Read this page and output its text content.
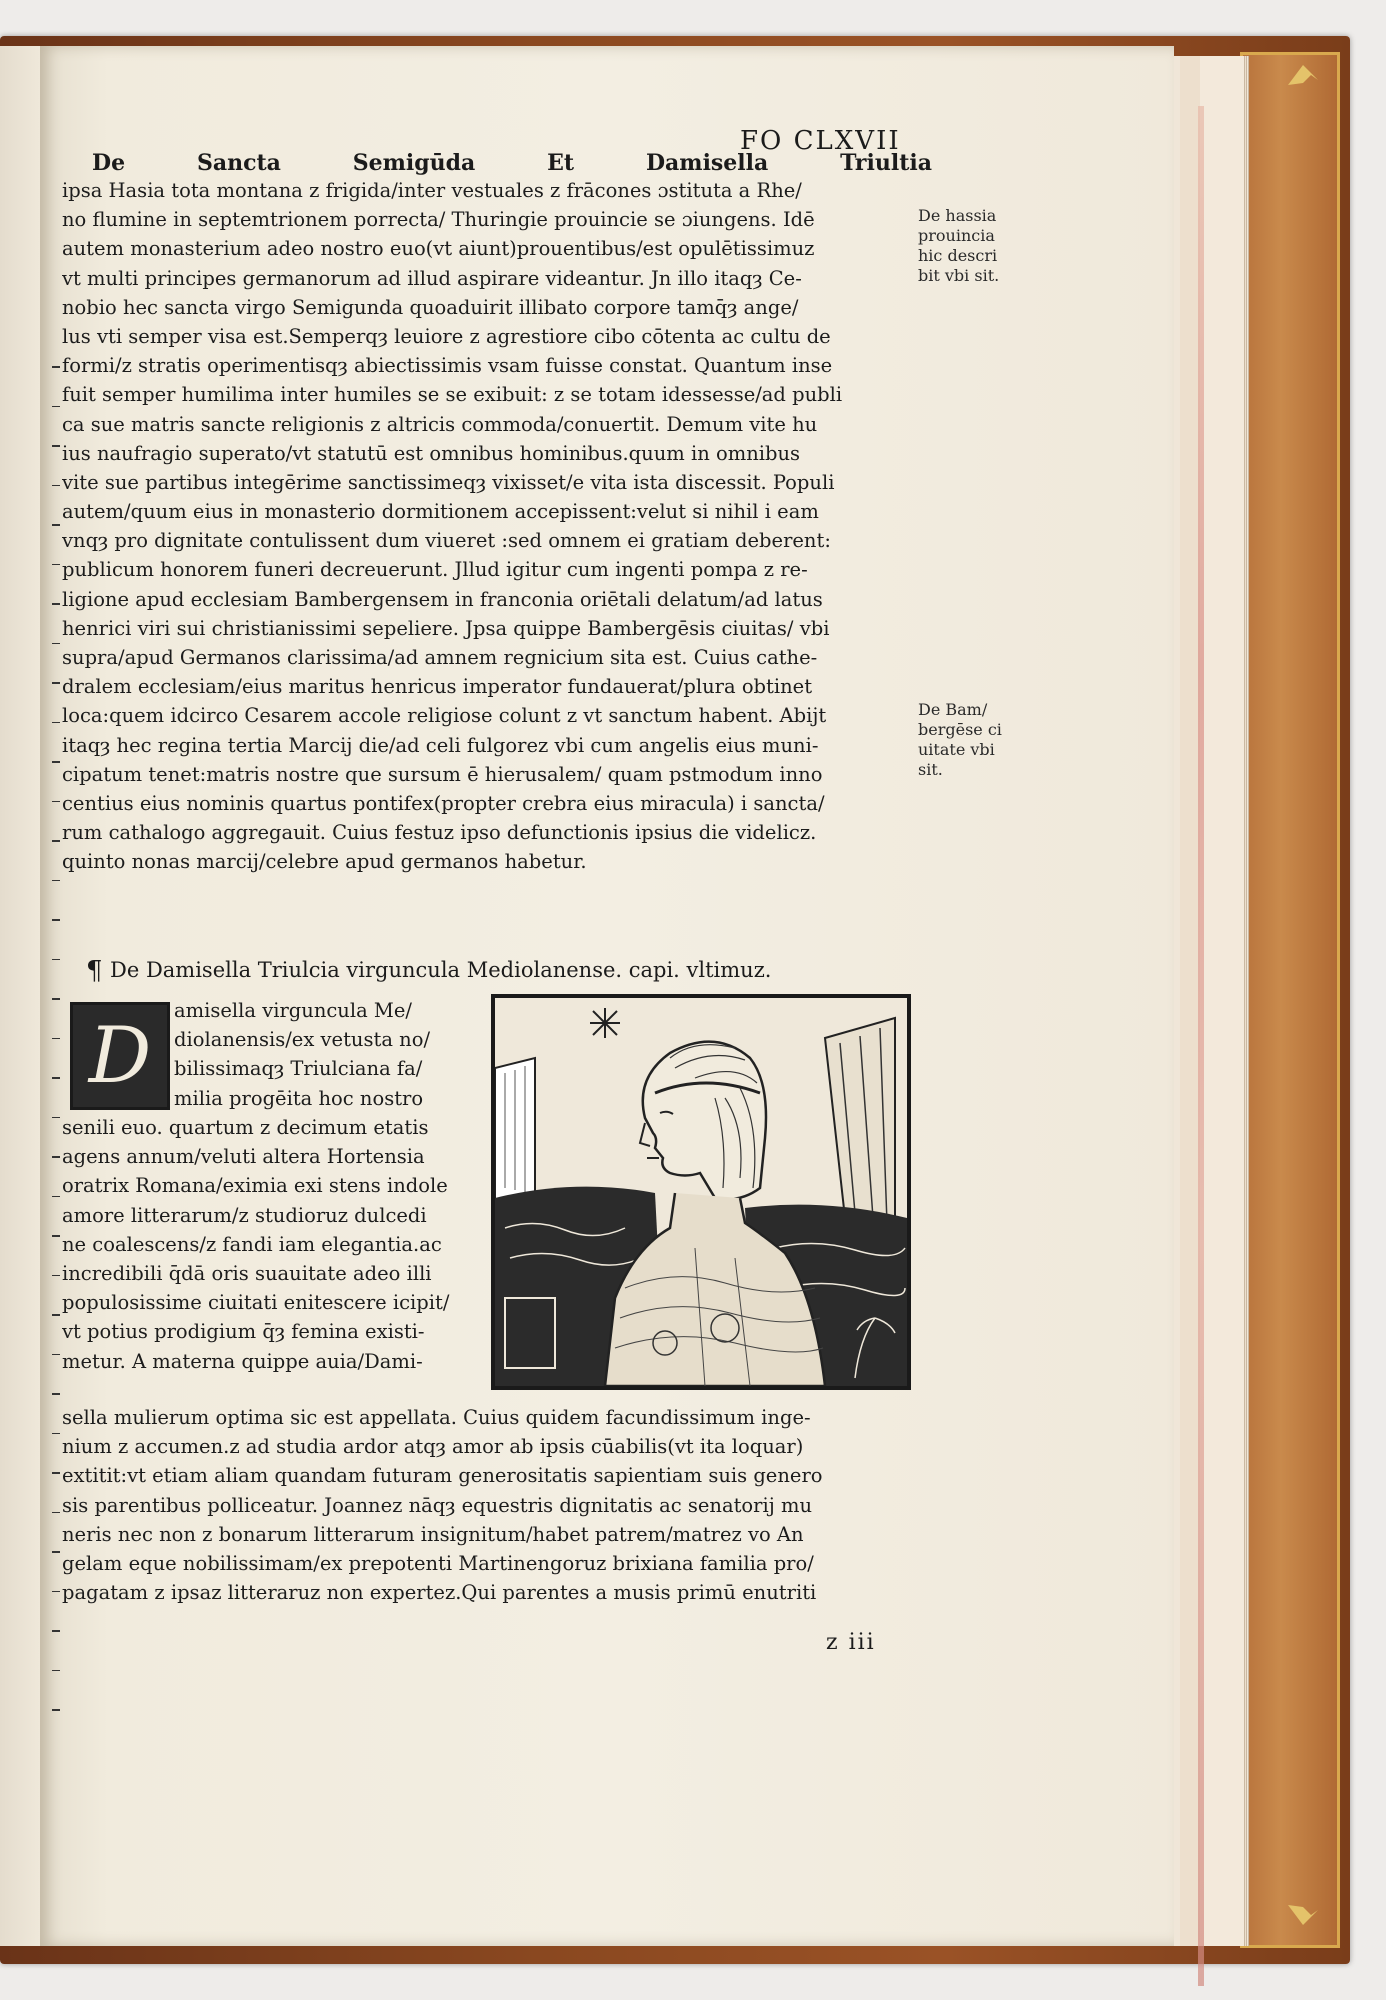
FO CLXVII
De	Sancta	Semigūda	Et	Damisella	Triultia
ipsa Hasia tota montana z frigida/inter vestuales z frācones ɔstituta a Rhe/
no flumine in septemtrionem porrecta/ Thuringie prouincie se ɔiungens. Idē
autem monasterium adeo nostro euo(vt aiunt)prouentibus/est opulētissimuz
vt multi principes germanorum ad illud aspirare videantur. Jn illo itaqȝ Ce-
nobio hec sancta virgo Semigunda quoaduirit illibato corpore tamq̄ȝ ange/
lus vti semper visa est.Semperqȝ leuiore z agrestiore cibo cōtenta ac cultu de
formi/z stratis operimentisqȝ abiectissimis vsam fuisse constat. Quantum inse
fuit semper humilima inter humiles se se exibuit: z se totam idessesse/ad publi
ca sue matris sancte religionis z altricis commoda/conuertit. Demum vite hu
ius naufragio superato/vt statutū est omnibus hominibus.quum in omnibus
vite sue partibus integērime sanctissimeqȝ vixisset/e vita ista discessit. Populi
autem/quum eius in monasterio dormitionem accepissent:velut si nihil i eam
vnqȝ pro dignitate contulissent dum viueret :sed omnem ei gratiam deberent:
publicum honorem funeri decreuerunt. Jllud igitur cum ingenti pompa z re-
ligione apud ecclesiam Bambergensem in franconia oriētali delatum/ad latus
henrici viri sui christianissimi sepeliere. Jpsa quippe Bambergēsis ciuitas/ vbi
supra/apud Germanos clarissima/ad amnem regnicium sita est. Cuius cathe-
dralem ecclesiam/eius maritus henricus imperator fundauerat/plura obtinet
loca:quem idcirco Cesarem accole religiose colunt z vt sanctum habent. Abijt
itaqȝ hec regina tertia Marcij die/ad celi fulgorez vbi cum angelis eius muni-
cipatum tenet:matris nostre que sursum ē hierusalem/ quam pstmodum inno
centius eius nominis quartus pontifex(propter crebra eius miracula) i sancta/
rum cathalogo aggregauit. Cuius festuz ipso defunctionis ipsius die videlicz.
quinto nonas marcij/celebre apud germanos habetur.
De hassia
prouincia
hic descri
bit vbi sit.
De Bam/
bergēse ci
uitate vbi
sit.
¶ De Damisella Triulcia virguncula Mediolanense. capi. vltimuz.
D
amisella virguncula Me/
diolanensis/ex vetusta no/
bilissimaqȝ Triulciana fa/
milia progēita hoc nostro
senili euo. quartum z decimum etatis
agens annum/veluti altera Hortensia
oratrix Romana/eximia exi stens indole
amore litterarum/z studioruz dulcedi
ne coalescens/z fandi iam elegantia.ac
incredibili q̄dā oris suauitate adeo illi
populosissime ciuitati enitescere icipit/
vt potius prodigium q̄ȝ femina existi-
metur. A materna quippe auia/Dami-
sella mulierum optima sic est appellata. Cuius quidem facundissimum inge-
nium z accumen.z ad studia ardor atqȝ amor ab ipsis cūabilis(vt ita loquar)
extitit:vt etiam aliam quandam futuram generositatis sapientiam suis genero
sis parentibus polliceatur. Joannez nāqȝ equestris dignitatis ac senatorij mu
neris nec non z bonarum litterarum insignitum/habet patrem/matrez vo An
gelam eque nobilissimam/ex prepotenti Martinengoruz brixiana familia pro/
pagatam z ipsaz litteraruz non expertez.Qui parentes a musis primū enutriti
z iii
